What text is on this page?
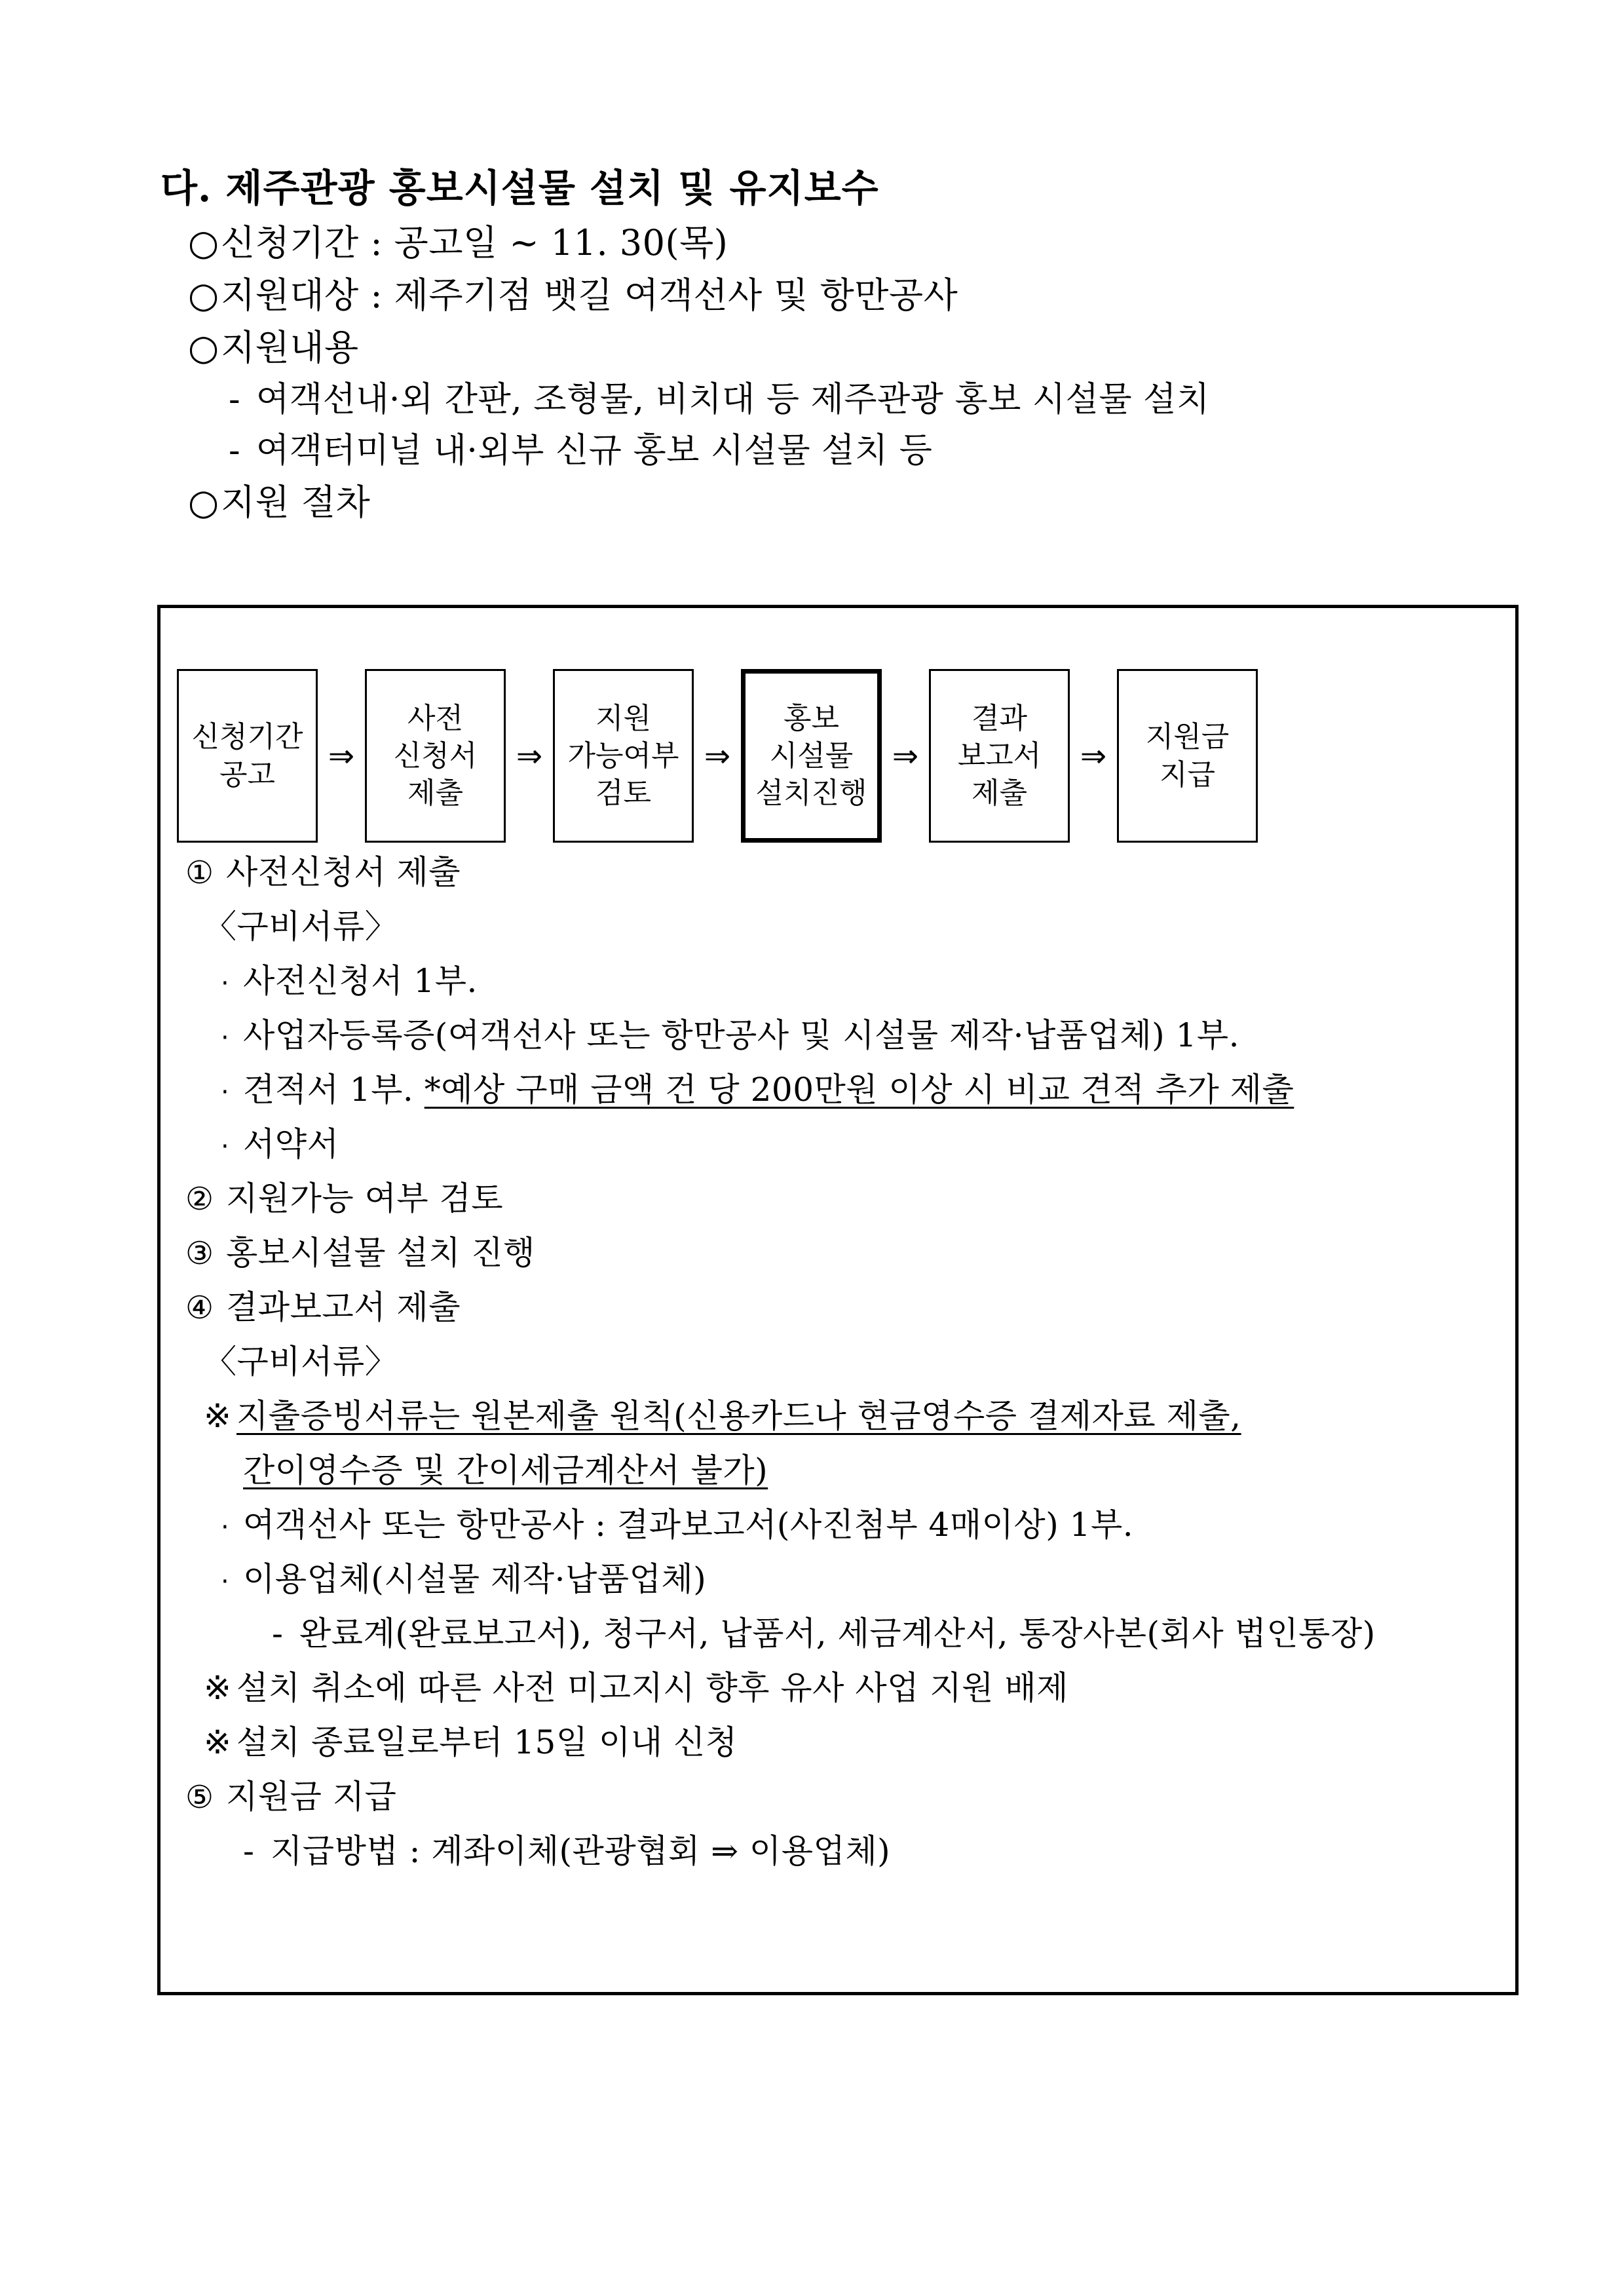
다. 제주관광 홍보시설물 설치 및 유지보수
○신청기간 : 공고일 ~ 11. 30(목)
○지원대상 : 제주기점 뱃길 여객선사 및 항만공사
○지원내용
- 여객선내·외 간판, 조형물, 비치대 등 제주관광 홍보 시설물 설치
- 여객터미널 내·외부 신규 홍보 시설물 설치 등
○지원 절차
신청기간
공고
⇒
사전
신청서
제출
⇒
지원
가능여부
검토
⇒
홍보
시설물
설치진행
⇒
결과
보고서
제출
⇒
지원금
지급
① 사전신청서 제출
〈구비서류〉
· 사전신청서 1부.
· 사업자등록증(여객선사 또는 항만공사 및 시설물 제작·납품업체) 1부.
· 견적서 1부. *예상 구매 금액 건 당 200만원 이상 시 비교 견적 추가 제출
· 서약서
② 지원가능 여부 검토
③ 홍보시설물 설치 진행
④ 결과보고서 제출
〈구비서류〉
※ 지출증빙서류는 원본제출 원칙(신용카드나 현금영수증 결제자료 제출,
간이영수증 및 간이세금계산서 불가)
· 여객선사 또는 항만공사 : 결과보고서(사진첨부 4매이상) 1부.
· 이용업체(시설물 제작·납품업체)
- 완료계(완료보고서), 청구서, 납품서, 세금계산서, 통장사본(회사 법인통장)
※ 설치 취소에 따른 사전 미고지시 향후 유사 사업 지원 배제
※ 설치 종료일로부터 15일 이내 신청
⑤ 지원금 지급
- 지급방법 : 계좌이체(관광협회 ⇒ 이용업체)
